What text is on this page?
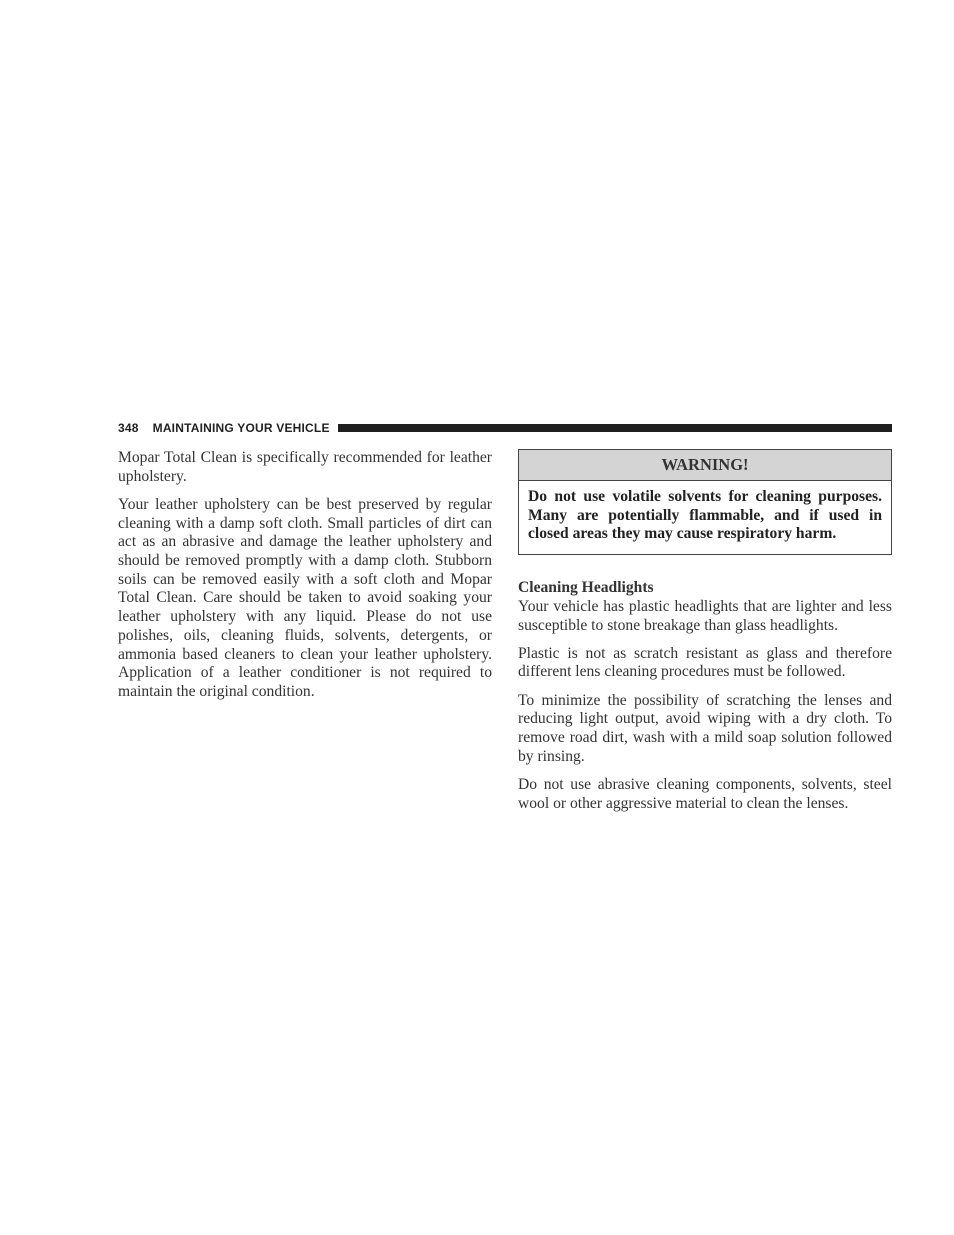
348 MAINTAINING YOUR VEHICLE

Mopar Total Clean is specifically recommended for leather upholstery.

Your leather upholstery can be best preserved by regular cleaning with a damp soft cloth. Small particles of dirt can act as an abrasive and damage the leather upholstery and should be removed promptly with a damp cloth. Stubborn soils can be removed easily with a soft cloth and Mopar Total Clean. Care should be taken to avoid soaking your leather upholstery with any liquid. Please do not use polishes, oils, cleaning fluids, solvents, detergents, or ammonia based cleaners to clean your leather upholstery. Application of a leather conditioner is not required to maintain the original condition.

WARNING!
Do not use volatile solvents for cleaning purposes. Many are potentially flammable, and if used in closed areas they may cause respiratory harm.
Cleaning Headlights

Your vehicle has plastic headlights that are lighter and less susceptible to stone breakage than glass headlights.

Plastic is not as scratch resistant as glass and therefore different lens cleaning procedures must be followed.

To minimize the possibility of scratching the lenses and reducing light output, avoid wiping with a dry cloth. To remove road dirt, wash with a mild soap solution followed by rinsing.

Do not use abrasive cleaning components, solvents, steel wool or other aggressive material to clean the lenses.
